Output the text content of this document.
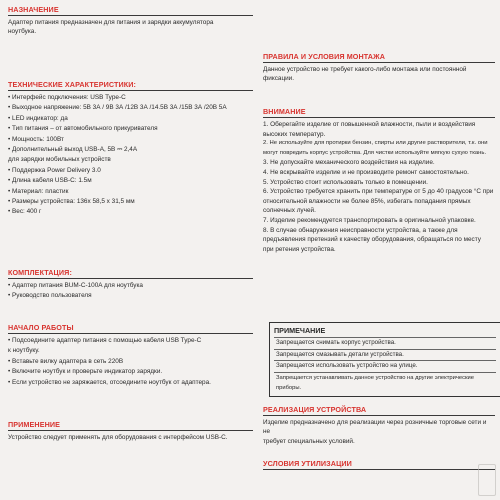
НАЗНАЧЕНИЕ

Адаптер питания предназначен для питания и зарядки аккумулятора

ноутбука.

ТЕХНИЧЕСКИЕ ХАРАКТЕРИСТИКИ:

• Интерфейс подключения: USB Type-C

• Выходное напряжение: 5В 3А / 9В 3А /12В 3А /14.5В 3А /15В 3А /20В 5А

• LED индикатор: да

• Тип питания – от автомобильного прикуривателя

• Мощность: 100Вт

• Дополнительный выход USB-A, 5В ⎓ 2,4А

для зарядки мобильных устройств

• Поддержка Power Delivery 3.0

• Длина кабеля USB-C: 1.5м

• Материал: пластик

• Размеры устройства: 136х 58,5 х 31,5 мм

• Вес: 400 г

КОМПЛЕКТАЦИЯ:

• Адаптер питания BUM-C-100A для ноутбука

• Руководство пользователя

НАЧАЛО РАБОТЫ

• Подсоедините адаптер питания с помощью кабеля USB Type-C

к ноутбуку.

• Вставьте вилку адаптера в сеть 220В

• Включите ноутбук и проверьте индикатор зарядки.

• Если устройство не заряжается, отсоедините ноутбук от адаптера.

ПРИМЕНЕНИЕ

Устройство следует применять для оборудования с интерфейсом USB-C.

ПРАВИЛА И УСЛОВИЯ МОНТАЖА

Данное устройство не требует какого-либо монтажа или постоянной

фиксации.

ВНИМАНИЕ

1. Оберегайте изделие от повышенной влажности, пыли и воздействия

высоких температур.

2. Не используйте для протирки бензин, спирты или другие растворители, т.к. они

могут повредить корпус устройства. Для чистки используйте мягкую сухую ткань.

3. Не допускайте механического воздействия на изделие.

4. Не вскрывайте изделие и не производите ремонт самостоятельно.

5. Устройство стоит использовать только в помещении.

6. Устройство требуется хранить при температуре от 5 до 40 градусов °С при

относительной влажности не более 85%, избегать попадания прямых

солнечных лучей.

7. Изделие рекомендуется транспортировать в оригинальной упаковке.

8. В случае обнаружения неисправности устройства, а также для

предъявления претензий к качеству оборудования, обращаться по месту

при ретения устройства.

ПРИМЕЧАНИЕ

Запрещается снимать корпус устройства.

Запрещается смазывать детали устройства.

Запрещается использовать устройство на улице.

Запрещается устанавливать данное устройство на другие электрические приборы.

РЕАЛИЗАЦИЯ УСТРОЙСТВА

Изделие предназначено для реализации через розничные торговые сети и не

требует специальных условий.

УСЛОВИЯ УТИЛИЗАЦИИ
